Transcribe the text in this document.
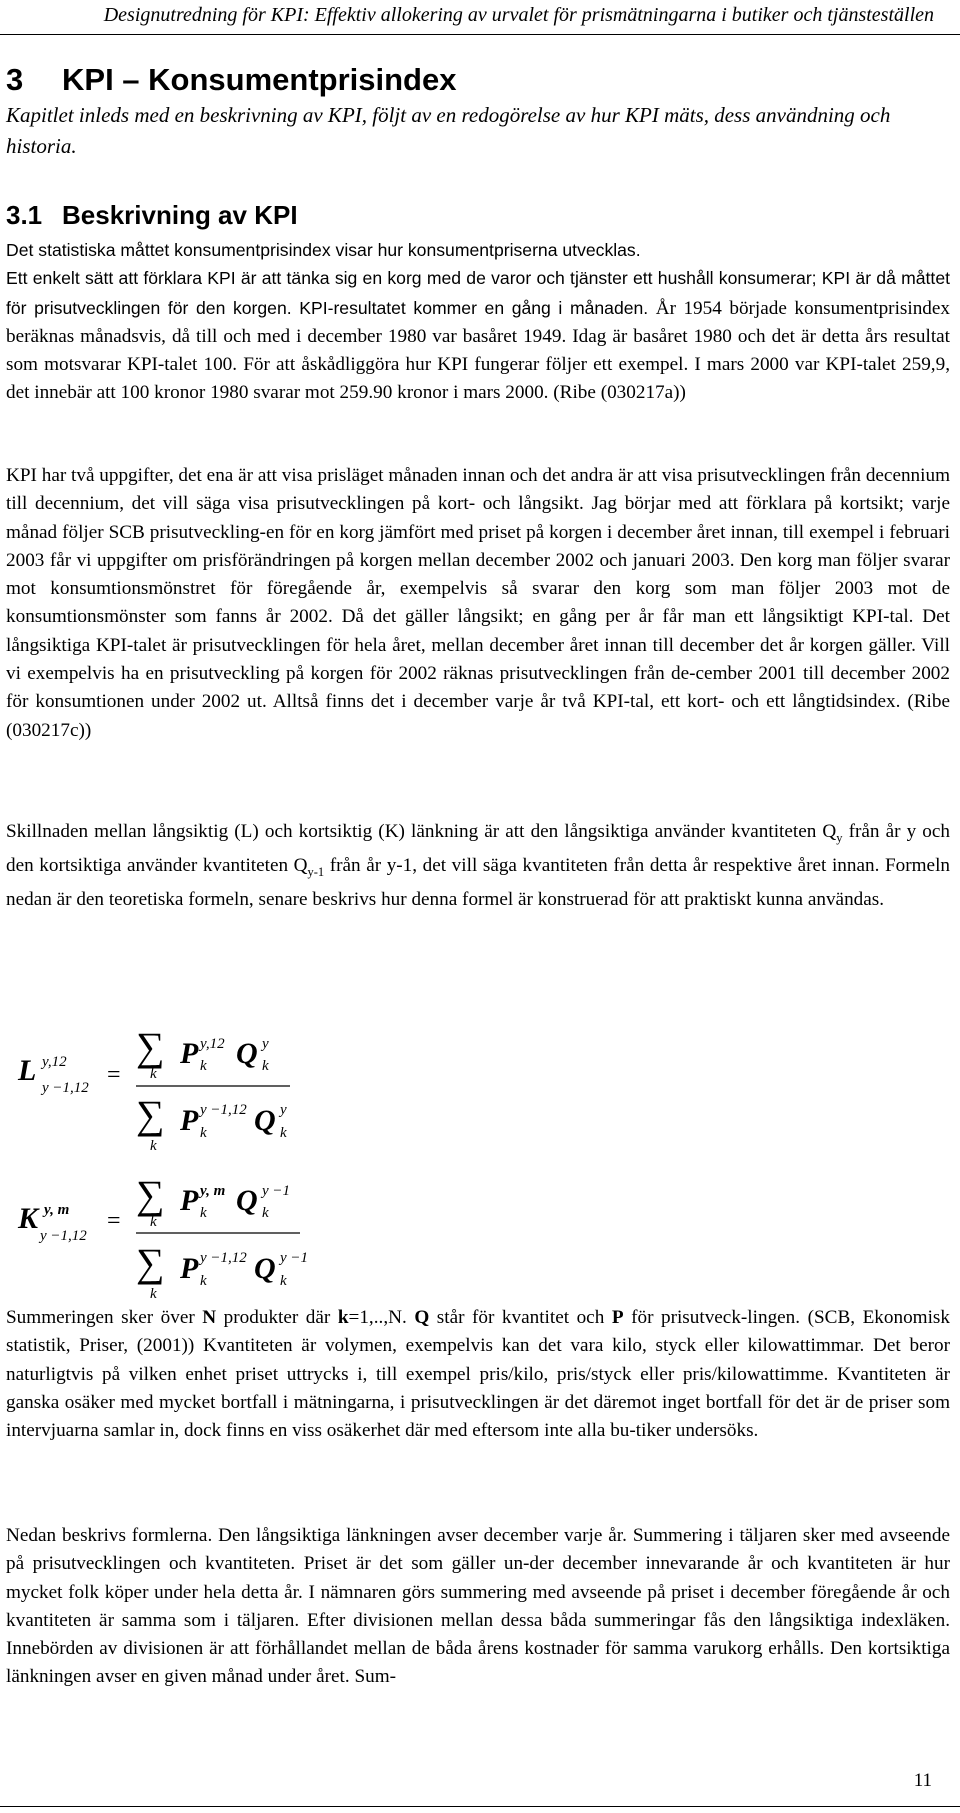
Designutredning för KPI: Effektiv allokering av urvalet för prismätningarna i butiker och tjänsteställen
3 KPI – Konsumentprisindex

Kapitlet inleds med en beskrivning av KPI, följt av en redogörelse av hur KPI mäts, dess användning och historia.

3.1 Beskrivning av KPI

Det statistiska måttet konsumentprisindex visar hur konsumentpriserna utvecklas.

Ett enkelt sätt att förklara KPI är att tänka sig en korg med de varor och tjänster ett hushåll konsumerar; KPI är då måttet för prisutvecklingen för den korgen. KPI-resultatet kommer en gång i månaden. År 1954 började konsumentprisindex beräknas månadsvis, då till och med i december 1980 var basåret 1949. Idag är basåret 1980 och det är detta års resultat som motsvarar KPI-talet 100. För att åskådliggöra hur KPI fungerar följer ett exempel. I mars 2000 var KPI-talet 259,9, det innebär att 100 kronor 1980 svarar mot 259.90 kronor i mars 2000. (Ribe (030217a))

KPI har två uppgifter, det ena är att visa prisläget månaden innan och det andra är att visa prisutvecklingen från decennium till decennium, det vill säga visa prisutvecklingen på kort- och långsikt. Jag börjar med att förklara på kortsikt; varje månad följer SCB prisutveckling-en för en korg jämfört med priset på korgen i december året innan, till exempel i februari 2003 får vi uppgifter om prisförändringen på korgen mellan december 2002 och januari 2003. Den korg man följer svarar mot konsumtionsmönstret för föregående år, exempelvis så svarar den korg som man följer 2003 mot de konsumtionsmönster som fanns år 2002. Då det gäller långsikt; en gång per år får man ett långsiktigt KPI-tal. Det långsiktiga KPI-talet är prisutvecklingen för hela året, mellan december året innan till december det år korgen gäller. Vill vi exempelvis ha en prisutveckling på korgen för 2002 räknas prisutvecklingen från de-cember 2001 till december 2002 för konsumtionen under 2002 ut. Alltså finns det i december varje år två KPI-tal, ett kort- och ett långtidsindex. (Ribe (030217c))

Skillnaden mellan långsiktig (L) och kortsiktig (K) länkning är att den långsiktiga använder kvantiteten $Q_y$ från år y och den kortsiktiga använder kvantiteten $Q_{y-1}$ från år y-1, det vill säga kvantiteten från detta år respektive året innan. Formeln nedan är den teoretiska formeln, senare beskrivs hur denna formel är konstruerad för att praktiskt kunna användas.

L y,12
y −1,12 =
∑
k
P y,12
k Q y
k
∑
k
P y −1,12
k Q y
k
K y, m
y −1,12
=
∑
k
P y, m
k Q y −1
k
∑
k
P y −1,12
k Q y −1
k

Summeringen sker över N produkter där k=1,..,N. Q står för kvantitet och P för prisutveck-lingen. (SCB, Ekonomisk statistik, Priser, (2001)) Kvantiteten är volymen, exempelvis kan det vara kilo, styck eller kilowattimmar. Det beror naturligtvis på vilken enhet priset uttrycks i, till exempel pris/kilo, pris/styck eller pris/kilowattimme. Kvantiteten är ganska osäker med mycket bortfall i mätningarna, i prisutvecklingen är det däremot inget bortfall för det är de priser som intervjuarna samlar in, dock finns en viss osäkerhet där med eftersom inte alla bu-tiker undersöks.

Nedan beskrivs formlerna. Den långsiktiga länkningen avser december varje år. Summering i täljaren sker med avseende på prisutvecklingen och kvantiteten. Priset är det som gäller un-der december innevarande år och kvantiteten är hur mycket folk köper under hela detta år. I nämnaren görs summering med avseende på priset i december föregående år och kvantiteten är samma som i täljaren. Efter divisionen mellan dessa båda summeringar fås den långsiktiga indexläken. Innebörden av divisionen är att förhållandet mellan de båda årens kostnader för samma varukorg erhålls. Den kortsiktiga länkningen avser en given månad under året. Sum-

11
